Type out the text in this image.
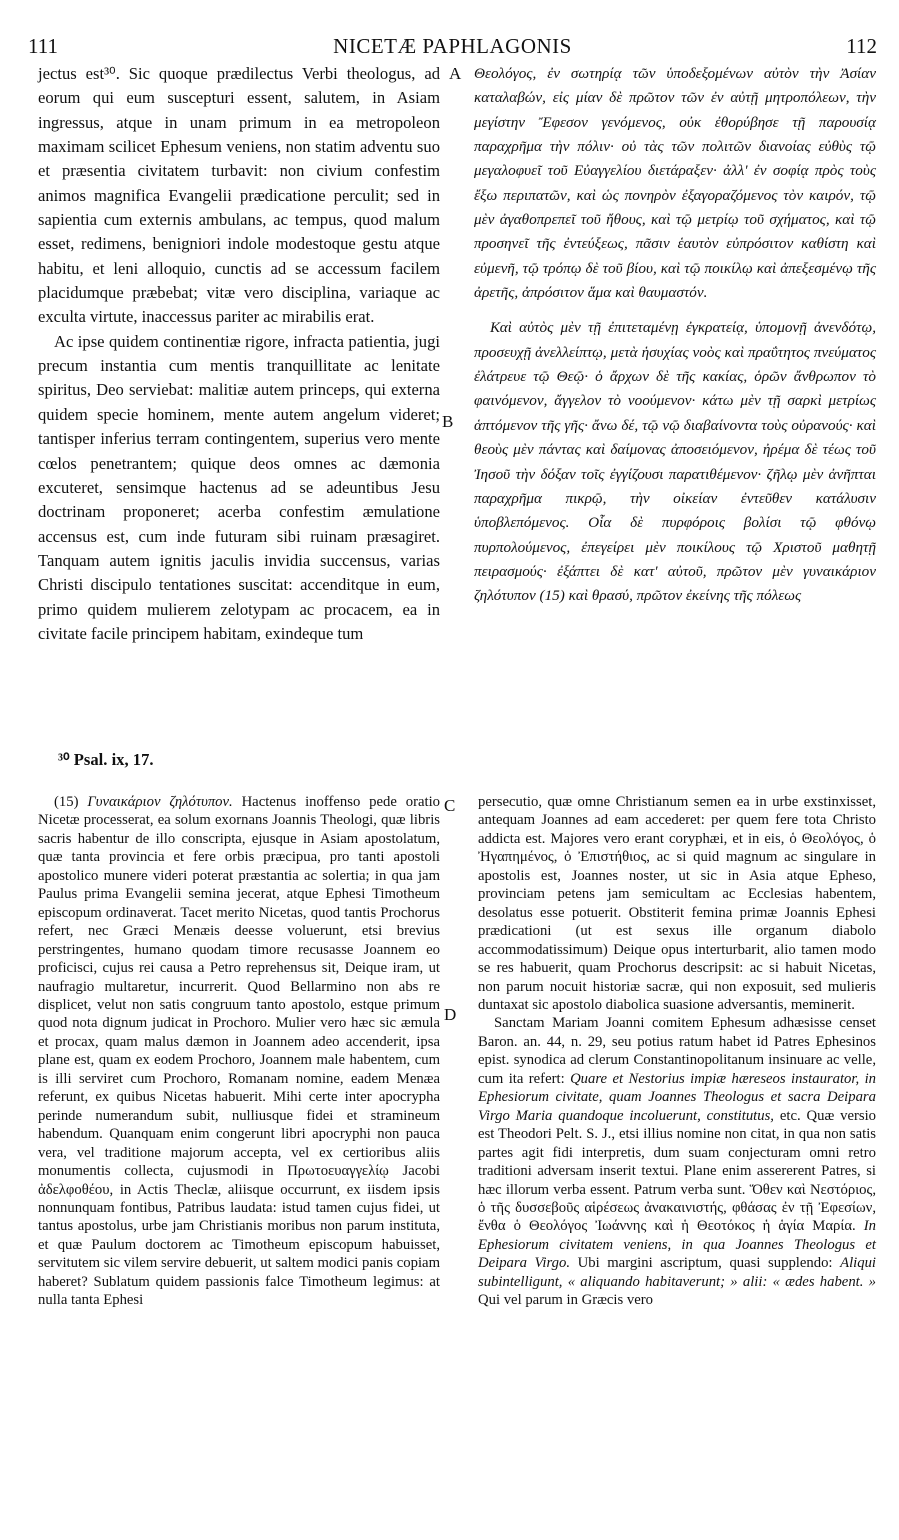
111	NICETÆ PAPHLAGONIS	112

jectus est³⁰. Sic quoque prædilectus Verbi theologus, ad eorum qui eum suscepturi essent, salutem, in Asiam ingressus, atque in unam primum in ea metropoleon maximam scilicet Ephesum veniens, non statim adventu suo et præsentia civitatem turbavit: non civium confestim animos magnifica Evangelii prædicatione perculit; sed in sapientia cum externis ambulans, ac tempus, quod malum esset, redimens, benigniori indole modestoque gestu atque habitu, et leni alloquio, cunctis ad se accessum facilem placidumque præbebat; vitæ vero disciplina, variaque ac exculta virtute, inaccessus pariter ac mirabilis erat.

Ac ipse quidem continentiæ rigore, infracta patientia, jugi precum instantia cum mentis tranquillitate ac lenitate spiritus, Deo serviebat: malitiæ autem princeps, qui externa quidem specie hominem, mente autem angelum videret; tantisper inferius terram contingentem, superius vero mente cœlos penetrantem; quique deos omnes ac dæmonia excuteret, sensimque hactenus ad se adeuntibus Jesu doctrinam proponeret; acerba confestim æmulatione accensus est, cum inde futuram sibi ruinam præsagiret. Tanquam autem ignitis jaculis invidia succensus, varias Christi discipulo tentationes suscitat: accenditque in eum, primo quidem mulierem zelotypam ac procacem, ea in civitate facile principem habitam, exindeque tum

A
B

Θεολόγος, ἐν σωτηρίᾳ τῶν ὑποδεξομένων αὐτὸν τὴν Ἀσίαν καταλαβών, εἰς μίαν δὲ πρῶτον τῶν ἐν αὐτῇ μητροπόλεων, τὴν μεγίστην Ἔφεσον γενόμενος, οὐκ ἐθορύβησε τῇ παρουσίᾳ παραχρῆμα τὴν πόλιν· οὐ τὰς τῶν πολιτῶν διανοίας εὐθὺς τῷ μεγαλοφυεῖ τοῦ Εὐαγγελίου διετάραξεν· ἀλλ' ἐν σοφίᾳ πρὸς τοὺς ἔξω περιπατῶν, καὶ ὡς πονηρὸν ἐξαγοραζόμενος τὸν καιρόν, τῷ μὲν ἀγαθοπρεπεῖ τοῦ ἤθους, καὶ τῷ μετρίῳ τοῦ σχήματος, καὶ τῷ προσηνεῖ τῆς ἐντεύξεως, πᾶσιν ἑαυτὸν εὐπρόσιτον καθίστη καὶ εὐμενῆ, τῷ τρόπῳ δὲ τοῦ βίου, καὶ τῷ ποικίλῳ καὶ ἀπεξεσμένῳ τῆς ἀρετῆς, ἀπρόσιτον ἅμα καὶ θαυμαστόν.

Καὶ αὐτὸς μὲν τῇ ἐπιτεταμένῃ ἐγκρατείᾳ, ὑπομονῇ ἀνενδότῳ, προσευχῇ ἀνελλείπτῳ, μετὰ ἡσυχίας νοὸς καὶ πραΰτητος πνεύματος ἐλάτρευε τῷ Θεῷ· ὁ ἄρχων δὲ τῆς κακίας, ὁρῶν ἄνθρωπον τὸ φαινόμενον, ἄγγελον τὸ νοούμενον· κάτω μὲν τῇ σαρκὶ μετρίως ἁπτόμενον τῆς γῆς· ἄνω δέ, τῷ νῷ διαβαίνοντα τοὺς οὐρανούς· καὶ θεοὺς μὲν πάντας καὶ δαίμονας ἀποσειόμενον, ἠρέμα δὲ τέως τοῦ Ἰησοῦ τὴν δόξαν τοῖς ἐγγίζουσι παρατιθέμενον· ζῆλῳ μὲν ἀνῆπται παραχρῆμα πικρῷ, τὴν οἰκείαν ἐντεῦθεν κατάλυσιν ὑποβλεπόμενος. Οἷα δὲ πυρφόροις βολίσι τῷ φθόνῳ πυρπολούμενος, ἐπεγείρει μὲν ποικίλους τῷ Χριστοῦ μαθητῇ πειρασμούς· ἐξάπτει δὲ κατ' αὐτοῦ, πρῶτον μὲν γυναικάριον ζηλότυπον (15) καὶ θρασύ, πρῶτον ἐκείνης τῆς πόλεως

³⁰ Psal. ix, 17.

(15) Γυναικάριον ζηλότυπον. Hactenus inoffenso pede oratio Nicetæ processerat, ea solum exornans Joannis Theologi, quæ libris sacris habentur de illo conscripta, ejusque in Asiam apostolatum, quæ tanta provincia et fere orbis præcipua, pro tanti apostoli apostolico munere videri poterat præstantia ac solertia; in qua jam Paulus prima Evangelii semina jecerat, atque Ephesi Timotheum episcopum ordinaverat. Tacet merito Nicetas, quod tantis Prochorus refert, nec Græci Menæis deesse voluerunt, etsi brevius perstringentes, humano quodam timore recusasse Joannem eo proficisci, cujus rei causa a Petro reprehensus sit, Deique iram, ut naufragio multaretur, incurrerit. Quod Bellarmino non abs re displicet, velut non satis congruum tanto apostolo, estque primum quod nota dignum judicat in Prochoro. Mulier vero hæc sic æmula et procax, quam malus dæmon in Joannem adeo accenderit, ipsa plane est, quam ex eodem Prochoro, Joannem male habentem, cum is illi serviret cum Prochoro, Romanam nomine, eadem Menæa referunt, ex quibus Nicetas habuerit. Mihi certe inter apocrypha perinde numerandum subit, nulliusque fidei et stramineum habendum. Quanquam enim congerunt libri apocryphi non pauca vera, vel traditione majorum accepta, vel ex certioribus aliis monumentis collecta, cujusmodi in Πρωτοευαγγελίῳ Jacobi ἀδελφοθέου, in Actis Theclæ, aliisque occurrunt, ex iisdem ipsis nonnunquam fontibus, Patribus laudata: istud tamen cujus fidei, ut tantus apostolus, urbe jam Christianis moribus non parum instituta, et quæ Paulum doctorem ac Timotheum episcopum habuisset, servitutem sic vilem servire debuerit, ut saltem modici panis copiam haberet? Sublatum quidem passionis falce Timotheum legimus: at nulla tanta Ephesi

C
D

persecutio, quæ omne Christianum semen ea in urbe exstinxisset, antequam Joannes ad eam accederet: per quem fere tota Christo addicta est. Majores vero erant coryphæi, et in eis, ὁ Θεολόγος, ὁ Ἠγαπημένος, ὁ Ἐπιστήθιος, ac si quid magnum ac singulare in apostolis est, Joannes noster, ut sic in Asia atque Epheso, provinciam petens jam semicultam ac Ecclesias habentem, desolatus esse potuerit. Obstiterit femina primæ Joannis Ephesi prædicationi (ut est sexus ille organum diabolo accommodatissimum) Deique opus interturbarit, alio tamen modo se res habuerit, quam Prochorus descripsit: ac si habuit Nicetas, non parum nocuit historiæ sacræ, qui non exposuit, sed mulieris duntaxat sic apostolo diabolica suasione adversantis, meminerit.

Sanctam Mariam Joanni comitem Ephesum adhæsisse censet Baron. an. 44, n. 29, seu potius ratum habet id Patres Ephesinos epist. synodica ad clerum Constantinopolitanum insinuare ac velle, cum ita refert: Quare et Nestorius impiæ hæreseos instaurator, in Ephesiorum civitate, quam Joannes Theologus et sacra Deipara Virgo Maria quandoque incoluerunt, constitutus, etc. Quæ versio est Theodori Pelt. S. J., etsi illius nomine non citat, in qua non satis partes agit fidi interpretis, dum suam conjecturam omni retro traditioni adversam inserit textui. Plane enim assererent Patres, si hæc illorum verba essent. Patrum verba sunt. Ὅθεν καὶ Νεστόριος, ὁ τῆς δυσσεβοῦς αἱρέσεως ἀνακαινιστής, φθάσας ἐν τῇ Ἐφεσίων, ἔνθα ὁ Θεολόγος Ἰωάννης καὶ ἡ Θεοτόκος ἡ ἁγία Μαρία. In Ephesiorum civitatem veniens, in qua Joannes Theologus et Deipara Virgo. Ubi margini ascriptum, quasi supplendo: Aliqui subintelligunt, « aliquando habitaverunt; » alii: « ædes habent. » Qui vel parum in Græcis vero
